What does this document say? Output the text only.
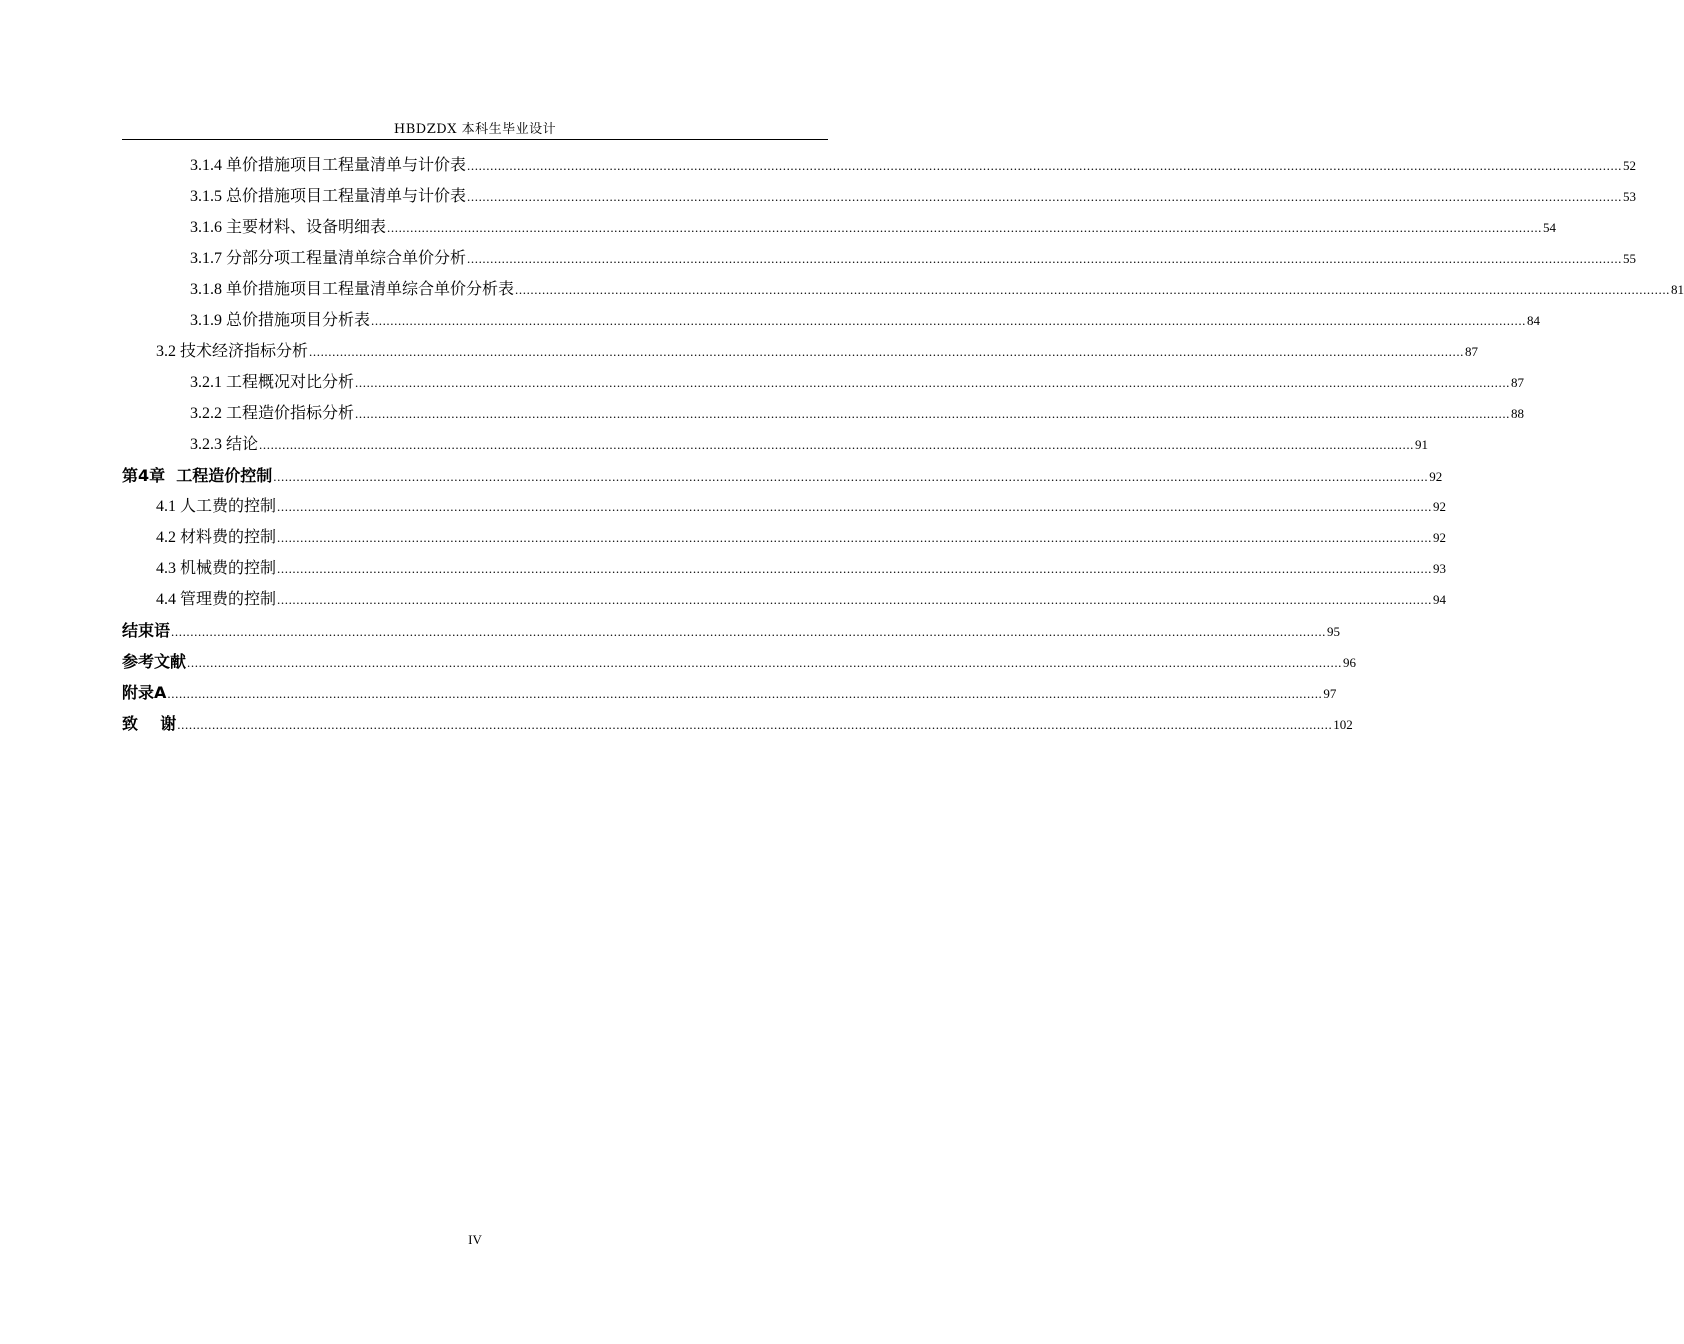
HBDZDX 本科生毕业设计
3.1.4 单价措施项目工程量清单与计价表 ............................................................................................................................................................................................................................................................................................................ 52
3.1.5 总价措施项目工程量清单与计价表 ............................................................................................................................................................................................................................................................................................................ 53
3.1.6 主要材料、设备明细表 ............................................................................................................................................................................................................................................................................................................ 54
3.1.7 分部分项工程量清单综合单价分析 ............................................................................................................................................................................................................................................................................................................ 55
3.1.8 单价措施项目工程量清单综合单价分析表 ............................................................................................................................................................................................................................................................................................................ 81
3.1.9 总价措施项目分析表 ............................................................................................................................................................................................................................................................................................................ 84
3.2 技术经济指标分析 ............................................................................................................................................................................................................................................................................................................ 87
3.2.1 工程概况对比分析 ............................................................................................................................................................................................................................................................................................................ 87
3.2.2 工程造价指标分析 ............................................................................................................................................................................................................................................................................................................ 88
3.2.3 结论 ............................................................................................................................................................................................................................................................................................................ 91
第4章  工程造价控制 ............................................................................................................................................................................................................................................................................................................ 92
4.1 人工费的控制 ............................................................................................................................................................................................................................................................................................................ 92
4.2 材料费的控制 ............................................................................................................................................................................................................................................................................................................ 92
4.3 机械费的控制 ............................................................................................................................................................................................................................................................................................................ 93
4.4 管理费的控制 ............................................................................................................................................................................................................................................................................................................ 94
结束语 ............................................................................................................................................................................................................................................................................................................ 95
参考文献 ............................................................................................................................................................................................................................................................................................................ 96
附录A ............................................................................................................................................................................................................................................................................................................ 97
致    谢 ............................................................................................................................................................................................................................................................................................................ 102
IV
